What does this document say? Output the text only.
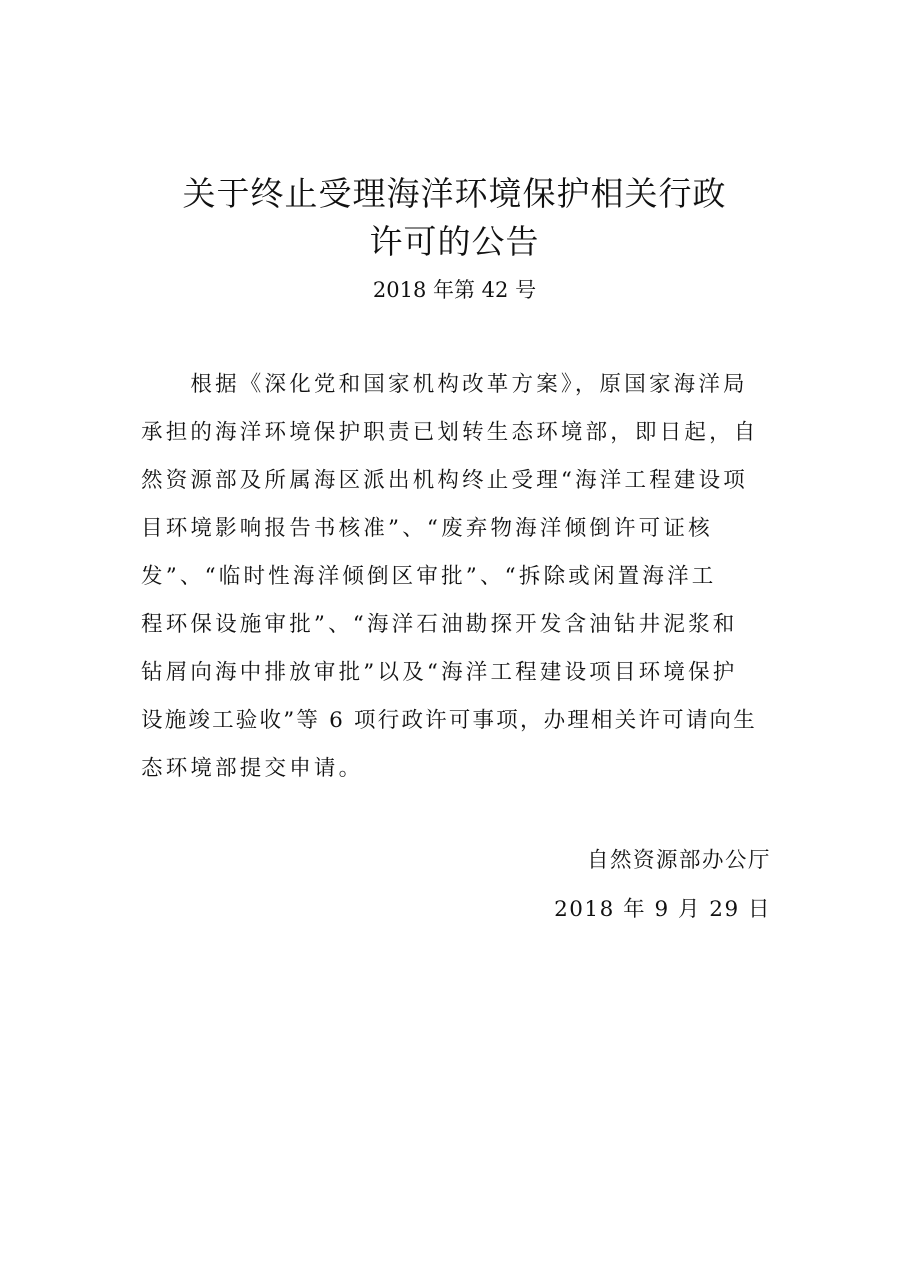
关于终止受理海洋环境保护相关行政
许可的公告
2018 年第 42 号
　　根据《深化党和国家机构改革方案》，原国家海洋局
承担的海洋环境保护职责已划转生态环境部，即日起，自
然资源部及所属海区派出机构终止受理“海洋工程建设项
目环境影响报告书核准”、“废弃物海洋倾倒许可证核
发”、“临时性海洋倾倒区审批”、“拆除或闲置海洋工
程环保设施审批”、“海洋石油勘探开发含油钻井泥浆和
钻屑向海中排放审批”以及“海洋工程建设项目环境保护
设施竣工验收”等 6 项行政许可事项，办理相关许可请向生
态环境部提交申请。
自然资源部办公厅
2018 年 9 月 29 日
